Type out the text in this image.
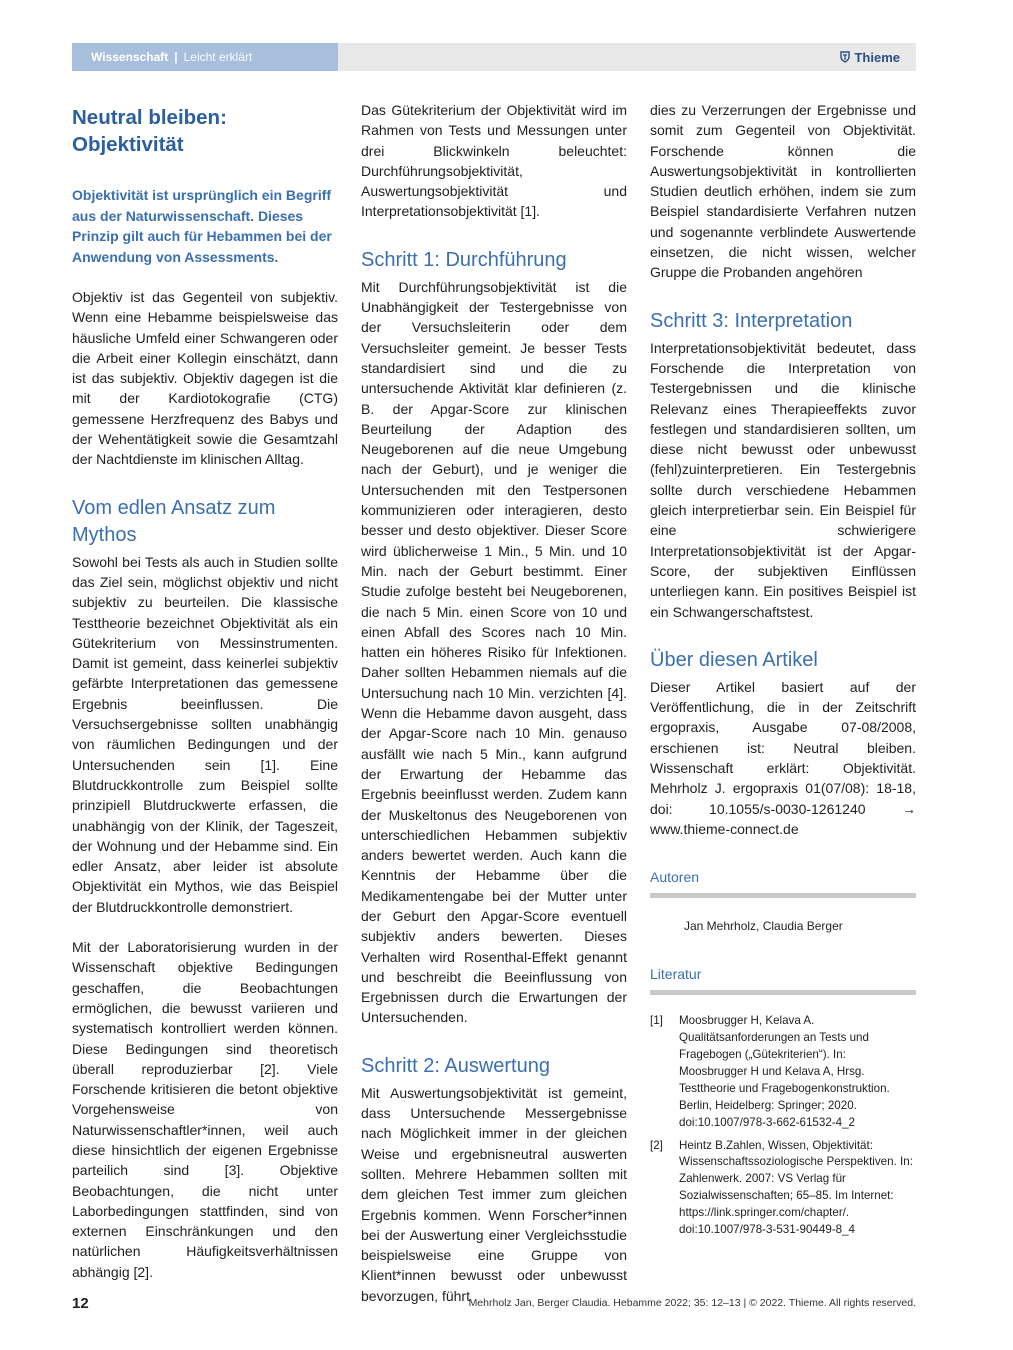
Wissenschaft | Leicht erklärt	Thieme
Neutral bleiben:
Objektivität

Objektivität ist ursprünglich ein Begriff aus der Naturwissenschaft. Dieses Prinzip gilt auch für Hebammen bei der Anwendung von Assessments.

Objektiv ist das Gegenteil von subjektiv. Wenn eine Hebamme beispielsweise das häusliche Umfeld einer Schwangeren oder die Arbeit einer Kollegin einschätzt, dann ist das subjektiv. Objektiv dagegen ist die mit der Kardiotokografie (CTG) gemessene Herzfrequenz des Babys und der Wehentätigkeit sowie die Gesamtzahl der Nachtdienste im klinischen Alltag.

Vom edlen Ansatz zum Mythos

Sowohl bei Tests als auch in Studien sollte das Ziel sein, möglichst objektiv und nicht subjektiv zu beurteilen. Die klassische Testtheorie bezeichnet Objektivität als ein Gütekriterium von Messinstrumenten. Damit ist gemeint, dass keinerlei subjektiv gefärbte Interpretationen das gemessene Ergebnis beeinflussen. Die Versuchsergebnisse sollten unabhängig von räumlichen Bedingungen und der Untersuchenden sein [1]. Eine Blutdruckkontrolle zum Beispiel sollte prinzipiell Blutdruckwerte erfassen, die unabhängig von der Klinik, der Tageszeit, der Wohnung und der Hebamme sind. Ein edler Ansatz, aber leider ist absolute Objektivität ein Mythos, wie das Beispiel der Blutdruckkontrolle demonstriert.

Mit der Laboratorisierung wurden in der Wissenschaft objektive Bedingungen geschaffen, die Beobachtungen ermöglichen, die bewusst variieren und systematisch kontrolliert werden können. Diese Bedingungen sind theoretisch überall reproduzierbar [2]. Viele Forschende kritisieren die betont objektive Vorgehensweise von Naturwissenschaftler*innen, weil auch diese hinsichtlich der eigenen Ergebnisse parteilich sind [3]. Objektive Beobachtungen, die nicht unter Laborbedingungen stattfinden, sind von externen Einschränkungen und den natürlichen Häufigkeitsverhältnissen abhängig [2].

Das Gütekriterium der Objektivität wird im Rahmen von Tests und Messungen unter drei Blickwinkeln beleuchtet: Durchführungsobjektivität, Auswertungsobjektivität und Interpretationsobjektivität [1].

Schritt 1: Durchführung

Mit Durchführungsobjektivität ist die Unabhängigkeit der Testergebnisse von der Versuchsleiterin oder dem Versuchsleiter gemeint. Je besser Tests standardisiert sind und die zu untersuchende Aktivität klar definieren (z. B. der Apgar-Score zur klinischen Beurteilung der Adaption des Neugeborenen auf die neue Umgebung nach der Geburt), und je weniger die Untersuchenden mit den Testpersonen kommunizieren oder interagieren, desto besser und desto objektiver. Dieser Score wird üblicherweise 1 Min., 5 Min. und 10 Min. nach der Geburt bestimmt. Einer Studie zufolge besteht bei Neugeborenen, die nach 5 Min. einen Score von 10 und einen Abfall des Scores nach 10 Min. hatten ein höheres Risiko für Infektionen. Daher sollten Hebammen niemals auf die Untersuchung nach 10 Min. verzichten [4]. Wenn die Hebamme davon ausgeht, dass der Apgar-Score nach 10 Min. genauso ausfällt wie nach 5 Min., kann aufgrund der Erwartung der Hebamme das Ergebnis beeinflusst werden. Zudem kann der Muskeltonus des Neugeborenen von unterschiedlichen Hebammen subjektiv anders bewertet werden. Auch kann die Kenntnis der Hebamme über die Medikamentengabe bei der Mutter unter der Geburt den Apgar-Score eventuell subjektiv anders bewerten. Dieses Verhalten wird Rosenthal-Effekt genannt und beschreibt die Beeinflussung von Ergebnissen durch die Erwartungen der Untersuchenden.

Schritt 2: Auswertung

Mit Auswertungsobjektivität ist gemeint, dass Untersuchende Messergebnisse nach Möglichkeit immer in der gleichen Weise und ergebnisneutral auswerten sollten. Mehrere Hebammen sollten mit dem gleichen Test immer zum gleichen Ergebnis kommen. Wenn Forscher*innen bei der Auswertung einer Vergleichsstudie beispielsweise eine Gruppe von Klient*innen bewusst oder unbewusst bevorzugen, führt

dies zu Verzerrungen der Ergebnisse und somit zum Gegenteil von Objektivität. Forschende können die Auswertungsobjektivität in kontrollierten Studien deutlich erhöhen, indem sie zum Beispiel standardisierte Verfahren nutzen und sogenannte verblindete Auswertende einsetzen, die nicht wissen, welcher Gruppe die Probanden angehören

Schritt 3: Interpretation

Interpretationsobjektivität bedeutet, dass Forschende die Interpretation von Testergebnissen und die klinische Relevanz eines Therapieeffekts zuvor festlegen und standardisieren sollten, um diese nicht bewusst oder unbewusst (fehl)zuinterpretieren. Ein Testergebnis sollte durch verschiedene Hebammen gleich interpretierbar sein. Ein Beispiel für eine schwierigere Interpretationsobjektivität ist der Apgar-Score, der subjektiven Einflüssen unterliegen kann. Ein positives Beispiel ist ein Schwangerschaftstest.

Über diesen Artikel

Dieser Artikel basiert auf der Veröffentlichung, die in der Zeitschrift ergopraxis, Ausgabe 07-08/2008, erschienen ist: Neutral bleiben. Wissenschaft erklärt: Objektivität. Mehrholz J. ergopraxis 01(07/08): 18-18, doi: 10.1055/s-0030-1261240 → www.thieme-connect.de

Autoren
Jan Mehrholz, Claudia Berger
Literatur
[1]	Moosbrugger H, Kelava A. Qualitätsanforderungen an Tests und Fragebogen („Gütekriterien“). In: Moosbrugger H und Kelava A, Hrsg. Testtheorie und Fragebogenkonstruktion. Berlin, Heidelberg: Springer; 2020. doi:10.1007/978-3-662-61532-4_2
[2]	Heintz B.Zahlen, Wissen, Objektivität: Wissenschaftssoziologische Perspektiven. In: Zahlenwerk. 2007: VS Verlag für Sozialwissenschaften; 65–85. Im Internet: https://link.springer.com/chapter/. doi:10.1007/978-3-531-90449-8_4
12	Mehrholz Jan, Berger Claudia. Hebamme 2022; 35: 12–13 | © 2022. Thieme. All rights reserved.
